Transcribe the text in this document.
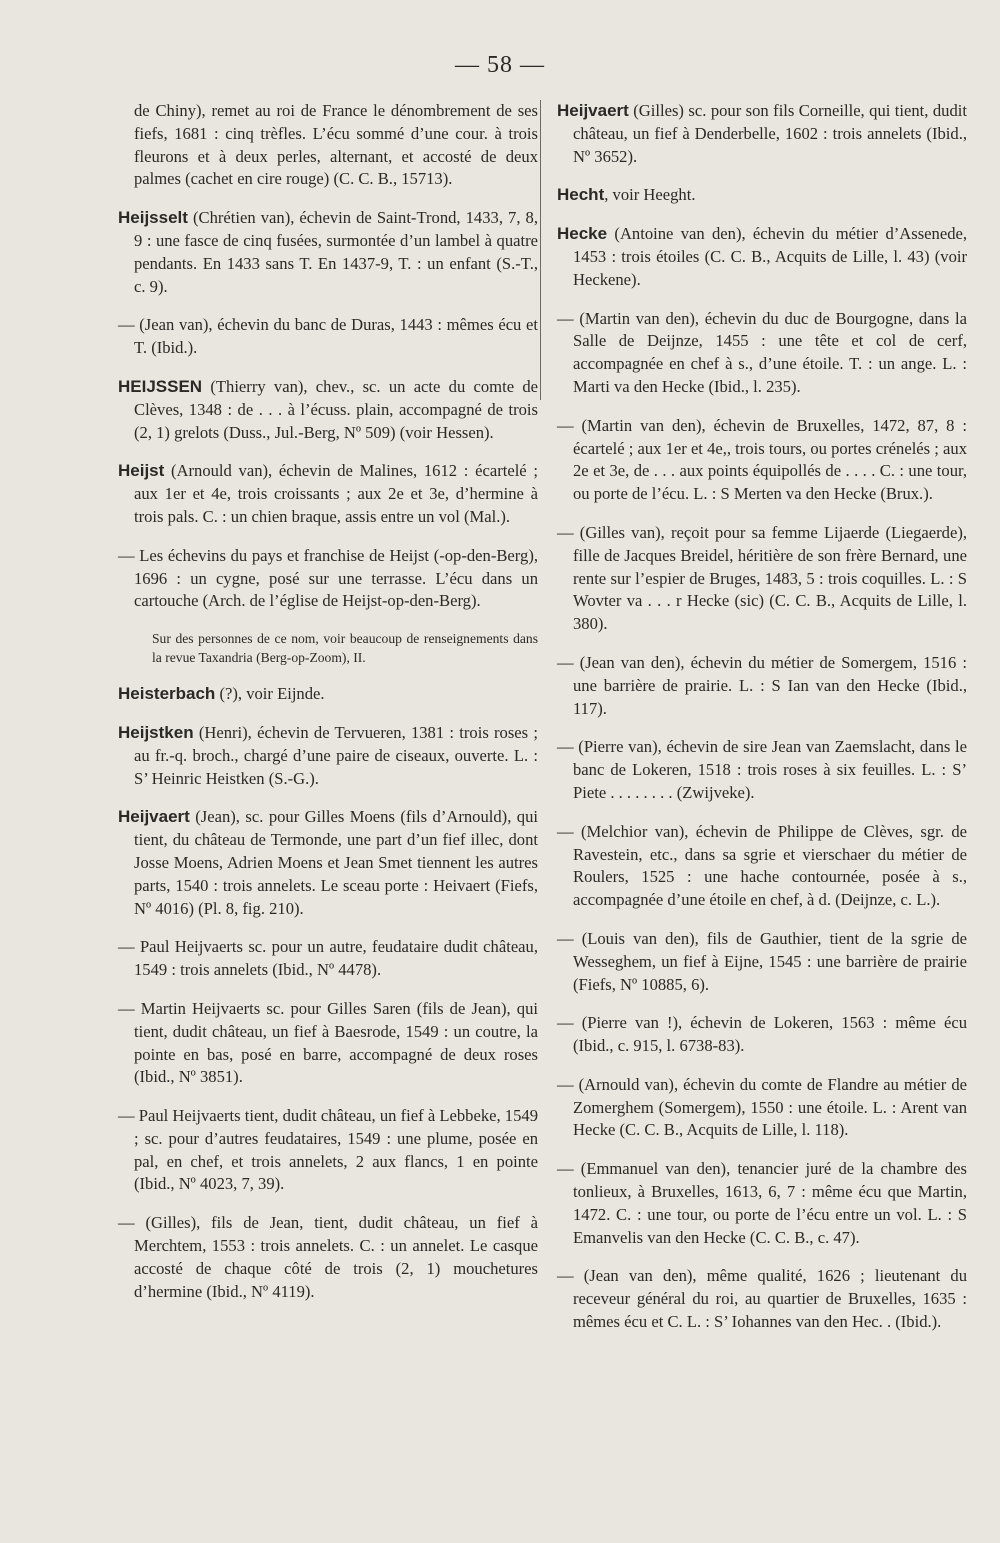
— 58 —

de Chiny), remet au roi de France le dénombrement de ses fiefs, 1681 : cinq trèfles. L’écu sommé d’une cour. à trois fleurons et à deux perles, alternant, et accosté de deux palmes (cachet en cire rouge) (C. C. B., 15713).

Heijsselt (Chrétien van), échevin de Saint-Trond, 1433, 7, 8, 9 : une fasce de cinq fusées, surmontée d’un lambel à quatre pendants. En 1433 sans T. En 1437-9, T. : un enfant (S.-T., c. 9).

— (Jean van), échevin du banc de Duras, 1443 : mêmes écu et T. (Ibid.).

HEIJSSEN (Thierry van), chev., sc. un acte du comte de Clèves, 1348 : de . . . à l’écuss. plain, accompagné de trois (2, 1) grelots (Duss., Jul.-Berg, Nº 509) (voir Hessen).

Heijst (Arnould van), échevin de Malines, 1612 : écartelé ; aux 1er et 4e, trois croissants ; aux 2e et 3e, d’hermine à trois pals. C. : un chien braque, assis entre un vol (Mal.).

— Les échevins du pays et franchise de Heijst (-op-den-Berg), 1696 : un cygne, posé sur une terrasse. L’écu dans un cartouche (Arch. de l’église de Heijst-op-den-Berg).

Sur des personnes de ce nom, voir beaucoup de renseignements dans la revue Taxandria (Berg-op-Zoom), II.

Heisterbach (?), voir Eijnde.

Heijstken (Henri), échevin de Tervueren, 1381 : trois roses ; au fr.-q. broch., chargé d’une paire de ciseaux, ouverte. L. : S’ Heinric Heistken (S.-G.).

Heijvaert (Jean), sc. pour Gilles Moens (fils d’Arnould), qui tient, du château de Termonde, une part d’un fief illec, dont Josse Moens, Adrien Moens et Jean Smet tiennent les autres parts, 1540 : trois annelets. Le sceau porte : Heivaert (Fiefs, Nº 4016) (Pl. 8, fig. 210).

— Paul Heijvaerts sc. pour un autre, feudataire dudit château, 1549 : trois annelets (Ibid., Nº 4478).

— Martin Heijvaerts sc. pour Gilles Saren (fils de Jean), qui tient, dudit château, un fief à Baesrode, 1549 : un coutre, la pointe en bas, posé en barre, accompagné de deux roses (Ibid., Nº 3851).

— Paul Heijvaerts tient, dudit château, un fief à Lebbeke, 1549 ; sc. pour d’autres feudataires, 1549 : une plume, posée en pal, en chef, et trois annelets, 2 aux flancs, 1 en pointe (Ibid., Nº 4023, 7, 39).

— (Gilles), fils de Jean, tient, dudit château, un fief à Merchtem, 1553 : trois annelets. C. : un annelet. Le casque accosté de chaque côté de trois (2, 1) mouchetures d’hermine (Ibid., Nº 4119).

Heijvaert (Gilles) sc. pour son fils Corneille, qui tient, dudit château, un fief à Denderbelle, 1602 : trois annelets (Ibid., Nº 3652).

Hecht, voir Heeght.

Hecke (Antoine van den), échevin du métier d’Assenede, 1453 : trois étoiles (C. C. B., Acquits de Lille, l. 43) (voir Heckene).

— (Martin van den), échevin du duc de Bourgogne, dans la Salle de Deijnze, 1455 : une tête et col de cerf, accompagnée en chef à s., d’une étoile. T. : un ange. L. : Marti va den Hecke (Ibid., l. 235).

— (Martin van den), échevin de Bruxelles, 1472, 87, 8 : écartelé ; aux 1er et 4e,, trois tours, ou portes crénelés ; aux 2e et 3e, de . . . aux points équipollés de . . . . C. : une tour, ou porte de l’écu. L. : S Merten va den Hecke (Brux.).

— (Gilles van), reçoit pour sa femme Lijaerde (Liegaerde), fille de Jacques Breidel, héritière de son frère Bernard, une rente sur l’espier de Bruges, 1483, 5 : trois coquilles. L. : S Wovter va . . . r Hecke (sic) (C. C. B., Acquits de Lille, l. 380).

— (Jean van den), échevin du métier de Somergem, 1516 : une barrière de prairie. L. : S Ian van den Hecke (Ibid., 117).

— (Pierre van), échevin de sire Jean van Zaemslacht, dans le banc de Lokeren, 1518 : trois roses à six feuilles. L. : S’ Piete . . . . . . . . (Zwijveke).

— (Melchior van), échevin de Philippe de Clèves, sgr. de Ravestein, etc., dans sa sgrie et vierschaer du métier de Roulers, 1525 : une hache contournée, posée à s., accompagnée d’une étoile en chef, à d. (Deijnze, c. L.).

— (Louis van den), fils de Gauthier, tient de la sgrie de Wesseghem, un fief à Eijne, 1545 : une barrière de prairie (Fiefs, Nº 10885, 6).

— (Pierre van !), échevin de Lokeren, 1563 : même écu (Ibid., c. 915, l. 6738-83).

— (Arnould van), échevin du comte de Flandre au métier de Zomerghem (Somergem), 1550 : une étoile. L. : Arent van Hecke (C. C. B., Acquits de Lille, l. 118).

— (Emmanuel van den), tenancier juré de la chambre des tonlieux, à Bruxelles, 1613, 6, 7 : même écu que Martin, 1472. C. : une tour, ou porte de l’écu entre un vol. L. : S Emanvelis van den Hecke (C. C. B., c. 47).

— (Jean van den), même qualité, 1626 ; lieutenant du receveur général du roi, au quartier de Bruxelles, 1635 : mêmes écu et C. L. : S’ Iohannes van den Hec. . (Ibid.).
